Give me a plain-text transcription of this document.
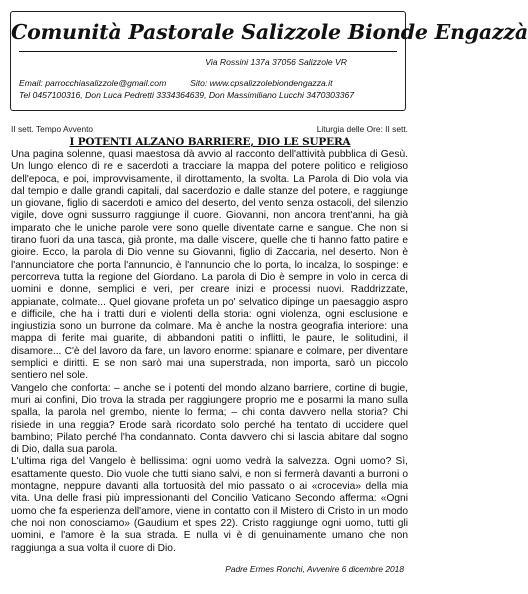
Comunità Pastorale Salizzole Bionde Engazzà
Via Rossini 137a 37056 Salizzole VR
Email: parrocchiasalizzole@gmail.com          Sito: www.cpsalizzolebiondengazza.it
Tel 0457100316, Don Luca Pedretti 3334364639, Don Massimiliano Lucchi 3470303367
II sett. Tempo Avvento	Liturgia delle Ore: II sett.
I POTENTI ALZANO BARRIERE, DIO LE SUPERA

Una pagina solenne, quasi maestosa dà avvio al racconto dell'attività pubblica di Gesù. Un lungo elenco di re e sacerdoti a tracciare la mappa del potere politico e religioso dell'epoca, e poi, improvvisamente, il dirottamento, la svolta. La Parola di Dio vola via dal tempio e dalle grandi capitali, dal sacerdozio e dalle stanze del potere, e raggiunge un giovane, figlio di sacerdoti e amico del deserto, del vento senza ostacoli, del silenzio vigile, dove ogni sussurro raggiunge il cuore. Giovanni, non ancora trent'anni, ha già imparato che le uniche parole vere sono quelle diventate carne e sangue. Che non si tirano fuori da una tasca, già pronte, ma dalle viscere, quelle che ti hanno fatto patire e gioire. Ecco, la parola di Dio venne su Giovanni, figlio di Zaccaria, nel deserto. Non è l'annunciatore che porta l'annuncio, è l'annuncio che lo porta, lo incalza, lo sospinge: e percorreva tutta la regione del Giordano. La parola di Dio è sempre in volo in cerca di uomini e donne, semplici e veri, per creare inizi e processi nuovi. Raddrizzate, appianate, colmate... Quel giovane profeta un po' selvatico dipinge un paesaggio aspro e difficile, che ha i tratti duri e violenti della storia: ogni violenza, ogni esclusione e ingiustizia sono un burrone da colmare. Ma è anche la nostra geografia interiore: una mappa di ferite mai guarite, di abbandoni patiti o inflitti, le paure, le solitudini, il disamore... C'è del lavoro da fare, un lavoro enorme: spianare e colmare, per diventare semplici e diritti. E se non sarò mai una superstrada, non importa, sarò un piccolo sentiero nel sole.

Vangelo che conforta: – anche se i potenti del mondo alzano barriere, cortine di bugie, muri ai confini, Dio trova la strada per raggiungere proprio me e posarmi la mano sulla spalla, la parola nel grembo, niente lo ferma; – chi conta davvero nella storia? Chi risiede in una reggia? Erode sarà ricordato solo perché ha tentato di uccidere quel bambino; Pilato perché l'ha condannato. Conta davvero chi si lascia abitare dal sogno di Dio, dalla sua parola.

L'ultima riga del Vangelo è bellissima: ogni uomo vedrà la salvezza. Ogni uomo? Sì, esattamente questo. Dio vuole che tutti siano salvi, e non si fermerà davanti a burroni o montagne, neppure davanti alla tortuosità del mio passato o ai «crocevia» della mia vita. Una delle frasi più impressionanti del Concilio Vaticano Secondo afferma: «Ogni uomo che fa esperienza dell'amore, viene in contatto con il Mistero di Cristo in un modo che noi non conosciamo» (Gaudium et spes 22). Cristo raggiunge ogni uomo, tutti gli uomini, e l'amore è la sua strada. E nulla vi è di genuinamente umano che non raggiunga a sua volta il cuore di Dio.

Padre Ermes Ronchi, Avvenire 6 dicembre 2018
